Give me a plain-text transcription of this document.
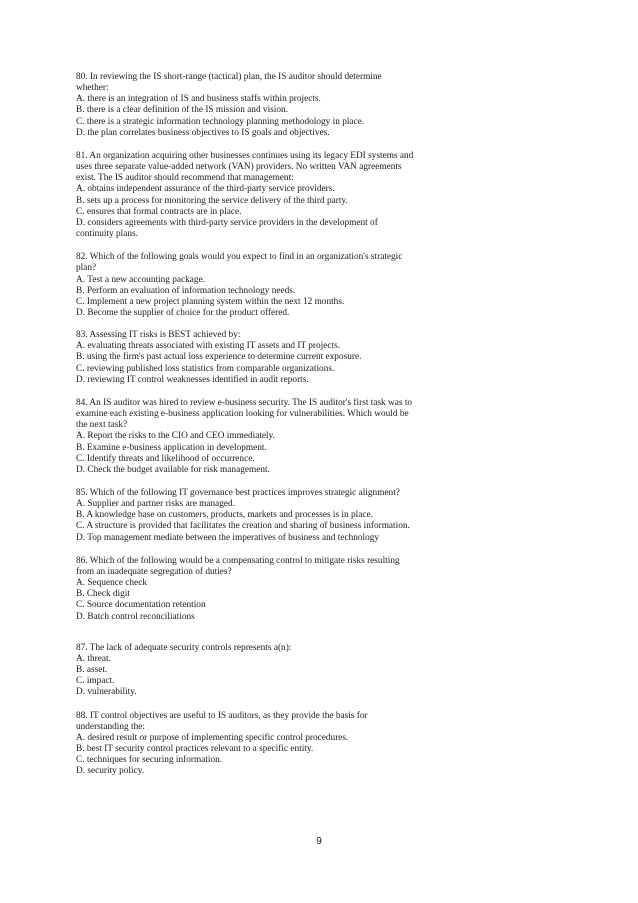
80. In reviewing the IS short-range (tactical) plan, the IS auditor should determine
whether:
A. there is an integration of IS and business staffs within projects.
B. there is a clear definition of the IS mission and vision.
C. there is a strategic information technology planning methodology in place.
D. the plan correlates business objectives to IS goals and objectives.
81. An organization acquiring other businesses continues using its legacy EDI systems and
uses three separate value-added network (VAN) providers. No written VAN agreements
exist. The IS auditor should recommend that management:
A. obtains independent assurance of the third-party service providers.
B. sets up a process for monitoring the service delivery of the third party.
C. ensures that formal contracts are in place.
D. considers agreements with third-party service providers in the development of
continuity plans.
82. Which of the following goals would you expect to find in an organization's strategic
plan?
A. Test a new accounting package.
B. Perform an evaluation of information technology needs.
C. Implement a new project planning system within the next 12 months.
D. Become the supplier of choice for the product offered.
83. Assessing IT risks is BEST achieved by:
A. evaluating threats associated with existing IT assets and IT projects.
B. using the firm's past actual loss experience to determine current exposure.
C. reviewing published loss statistics from comparable organizations.
D. reviewing IT control weaknesses identified in audit reports.
84. An IS auditor was hired to review e-business security. The IS auditor's first task was to
examine each existing e-business application looking for vulnerabilities. Which would be
the next task?
A. Report the risks to the CIO and CEO immediately.
B. Examine e-business application in development.
C. Identify threats and likelihood of occurrence.
D. Check the budget available for risk management.
85. Which of the following IT governance best practices improves strategic alignment?
A. Supplier and partner risks are managed.
B. A knowledge base on customers, products, markets and processes is in place.
C. A structure is provided that facilitates the creation and sharing of business information.
D. Top management mediate between the imperatives of business and technology
86. Which of the following would be a compensating control to mitigate risks resulting
from an inadequate segregation of duties?
A. Sequence check
B. Check digit
C. Source documentation retention
D. Batch control reconciliations
87. The lack of adequate security controls represents a(n):
A. threat.
B. asset.
C. impact.
D. vulnerability.
88. IT control objectives are useful to IS auditors, as they provide the basis for
understanding the:
A. desired result or purpose of implementing specific control procedures.
B. best IT security control practices relevant to a specific entity.
C. techniques for securing information.
D. security policy.
9
